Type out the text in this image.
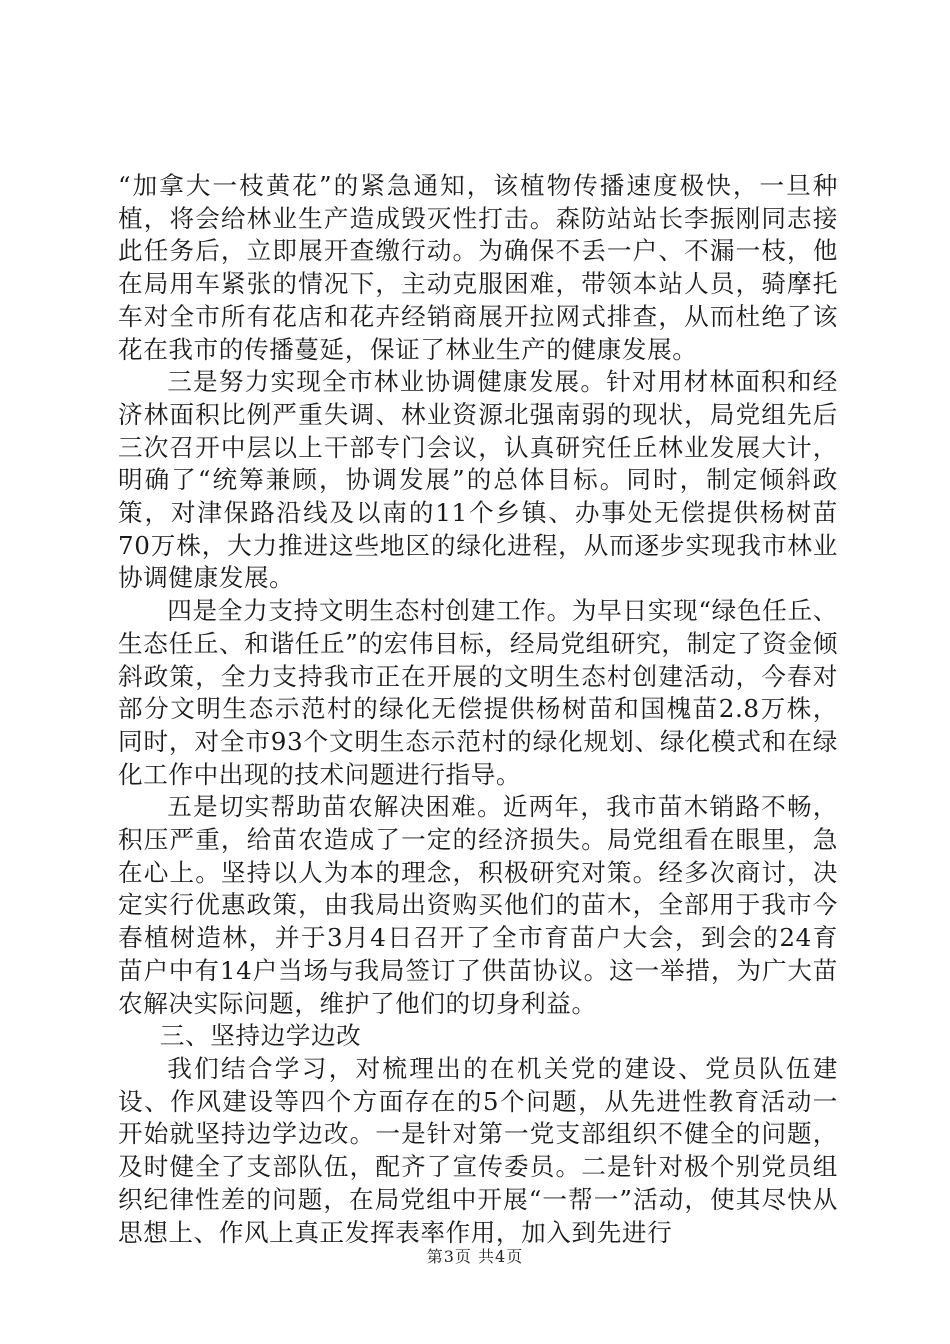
“加拿大一枝黄花”的紧急通知，该植物传播速度极快，一旦种植，将会给林业生产造成毁灭性打击。森防站站长李振刚同志接此任务后，立即展开查缴行动。为确保不丢一户、不漏一枝，他在局用车紧张的情况下，主动克服困难，带领本站人员，骑摩托车对全市所有花店和花卉经销商展开拉网式排查，从而杜绝了该花在我市的传播蔓延，保证了林业生产的健康发展。

三是努力实现全市林业协调健康发展。针对用材林面积和经济林面积比例严重失调、林业资源北强南弱的现状，局党组先后三次召开中层以上干部专门会议，认真研究任丘林业发展大计，明确了“统筹兼顾，协调发展”的总体目标。同时，制定倾斜政策，对津保路沿线及以南的11个乡镇、办事处无偿提供杨树苗70万株，大力推进这些地区的绿化进程，从而逐步实现我市林业协调健康发展。

四是全力支持文明生态村创建工作。为早日实现“绿色任丘、生态任丘、和谐任丘”的宏伟目标，经局党组研究，制定了资金倾斜政策，全力支持我市正在开展的文明生态村创建活动，今春对部分文明生态示范村的绿化无偿提供杨树苗和国槐苗2.8万株，同时，对全市93个文明生态示范村的绿化规划、绿化模式和在绿化工作中出现的技术问题进行指导。

五是切实帮助苗农解决困难。近两年，我市苗木销路不畅，积压严重，给苗农造成了一定的经济损失。局党组看在眼里，急在心上。坚持以人为本的理念，积极研究对策。经多次商讨，决定实行优惠政策，由我局出资购买他们的苗木，全部用于我市今春植树造林，并于3月4日召开了全市育苗户大会，到会的24育苗户中有14户当场与我局签订了供苗协议。这一举措，为广大苗农解决实际问题，维护了他们的切身利益。

三、坚持边学边改

我们结合学习，对梳理出的在机关党的建设、党员队伍建设、作风建设等四个方面存在的5个问题，从先进性教育活动一开始就坚持边学边改。一是针对第一党支部组织不健全的问题，及时健全了支部队伍，配齐了宣传委员。二是针对极个别党员组织纪律性差的问题，在局党组中开展“一帮一”活动，使其尽快从思想上、作风上真正发挥表率作用，加入到先进行

第3页 共4页
